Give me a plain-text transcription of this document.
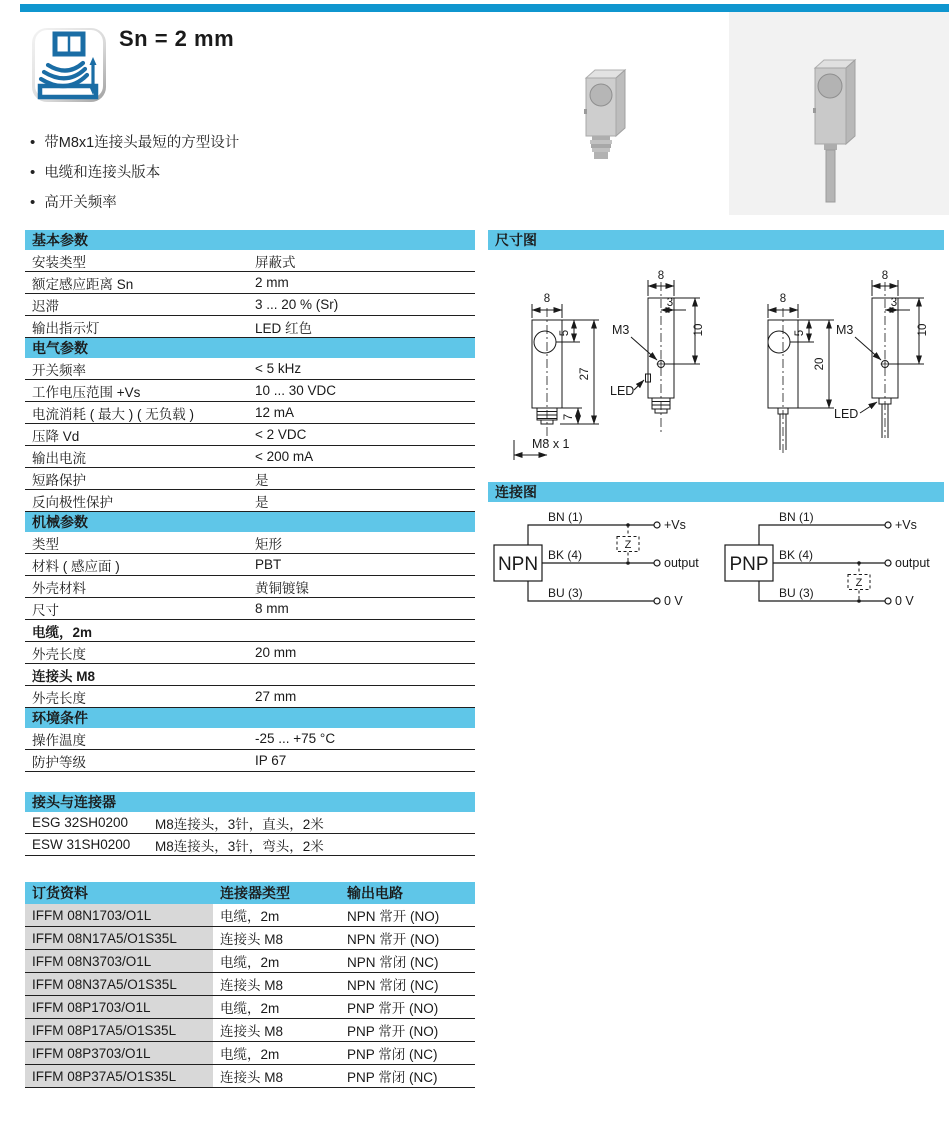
Sn = 2 mm
• 带M8x1连接头最短的方型设计
• 电缆和连接头版本
• 高开关频率
基本参数
安装类型	屏蔽式
额定感应距离 Sn	2 mm
迟滞	3 ... 20 % (Sr)
输出指示灯	LED 红色
电气参数
开关频率	< 5 kHz
工作电压范围 +Vs	10 ... 30 VDC
电流消耗 ( 最大 ) ( 无负载 )	12 mA
压降 Vd	< 2 VDC
输出电流	< 200 mA
短路保护	是
反向极性保护	是
机械参数
类型	矩形
材料 ( 感应面 )	PBT
外壳材料	黄铜镀镍
尺寸	8 mm
电缆，2m
外壳长度	20 mm
连接头 M8
外壳长度	27 mm
环境条件
操作温度	-25 ... +75 °C
防护等级	IP 67
接头与连接器
ESG 32SH0200	M8连接头，3针，直头，2米
ESW 31SH0200	M8连接头，3针，弯头，2米
订货资料	连接器类型	输出电路
IFFM 08N1703/O1L	电缆，2m	NPN 常开 (NO)
IFFM 08N17A5/O1S35L	连接头 M8	NPN 常开 (NO)
IFFM 08N3703/O1L	电缆，2m	NPN 常闭 (NC)
IFFM 08N37A5/O1S35L	连接头 M8	NPN 常闭 (NC)
IFFM 08P1703/O1L	电缆，2m	PNP 常开 (NO)
IFFM 08P17A5/O1S35L	连接头 M8	PNP 常开 (NO)
IFFM 08P3703/O1L	电缆，2m	PNP 常闭 (NC)
IFFM 08P37A5/O1S35L	连接头 M8	PNP 常闭 (NC)
尺寸图
8
5
27
7
M8 x 1
8
3
10
M3
LED
8
5
20
8
3
10
M3
LED
连接图
NPN
BN (1)
BK (4)
BU (3)
+Vs
output
0 V
Z
PNP
BN (1)
BK (4)
BU (3)
+Vs
output
0 V
Z
